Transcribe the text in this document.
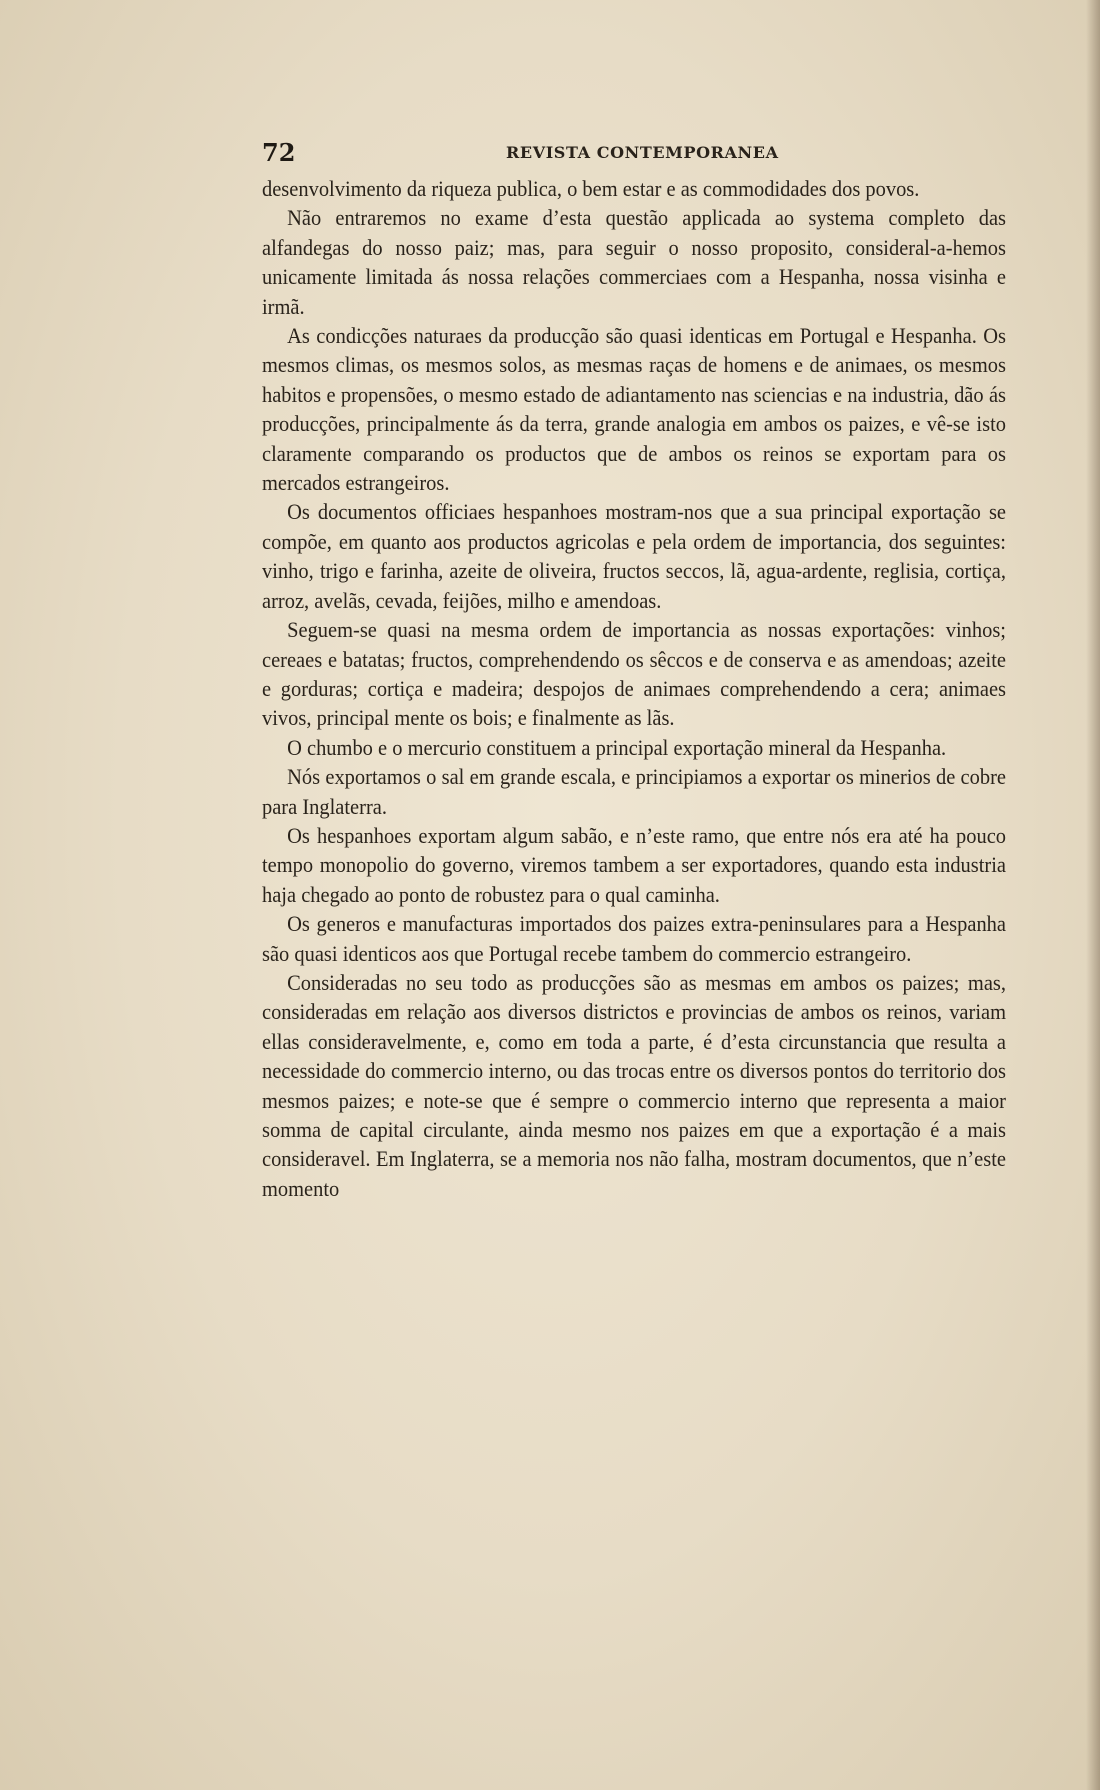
72	REVISTA CONTEMPORANEA

desenvolvimento da riqueza publica, o bem estar e as commodidades dos povos.

Não entraremos no exame d’esta questão applicada ao systema completo das alfandegas do nosso paiz; mas, para seguir o nosso proposito, consideral-a-hemos unicamente limitada ás nossa relações commerciaes com a Hespanha, nossa visinha e irmã.

As condicções naturaes da producção são quasi identicas em Portugal e Hespanha. Os mesmos climas, os mesmos solos, as mesmas raças de homens e de animaes, os mesmos habitos e propensões, o mesmo estado de adiantamento nas sciencias e na industria, dão ás producções, principalmente ás da terra, grande analogia em ambos os paizes, e vê-se isto claramente comparando os productos que de ambos os reinos se exportam para os mercados estrangeiros.

Os documentos officiaes hespanhoes mostram-nos que a sua principal exportação se compõe, em quanto aos productos agricolas e pela ordem de importancia, dos seguintes: vinho, trigo e farinha, azeite de oliveira, fructos seccos, lã, agua-ardente, reglisia, cortiça, arroz, avelãs, cevada, feijões, milho e amendoas.

Seguem-se quasi na mesma ordem de importancia as nossas exportações: vinhos; cereaes e batatas; fructos, comprehendendo os sêccos e de conserva e as amendoas; azeite e gorduras; cortiça e madeira; despojos de animaes comprehendendo a cera; animaes vivos, principal mente os bois; e finalmente as lãs.

O chumbo e o mercurio constituem a principal exportação mineral da Hespanha.

Nós exportamos o sal em grande escala, e principiamos a exportar os minerios de cobre para Inglaterra.

Os hespanhoes exportam algum sabão, e n’este ramo, que entre nós era até ha pouco tempo monopolio do governo, viremos tambem a ser exportadores, quando esta industria haja chegado ao ponto de robustez para o qual caminha.

Os generos e manufacturas importados dos paizes extra-peninsulares para a Hespanha são quasi identicos aos que Portugal recebe tambem do commercio estrangeiro.

Consideradas no seu todo as producções são as mesmas em ambos os paizes; mas, consideradas em relação aos diversos districtos e provincias de ambos os reinos, variam ellas consideravelmente, e, como em toda a parte, é d’esta circunstancia que resulta a necessidade do commercio interno, ou das trocas entre os diversos pontos do territorio dos mesmos paizes; e note-se que é sempre o commercio interno que representa a maior somma de capital circulante, ainda mesmo nos paizes em que a exportação é a mais consideravel. Em Inglaterra, se a memoria nos não falha, mostram documentos, que n’este momento
